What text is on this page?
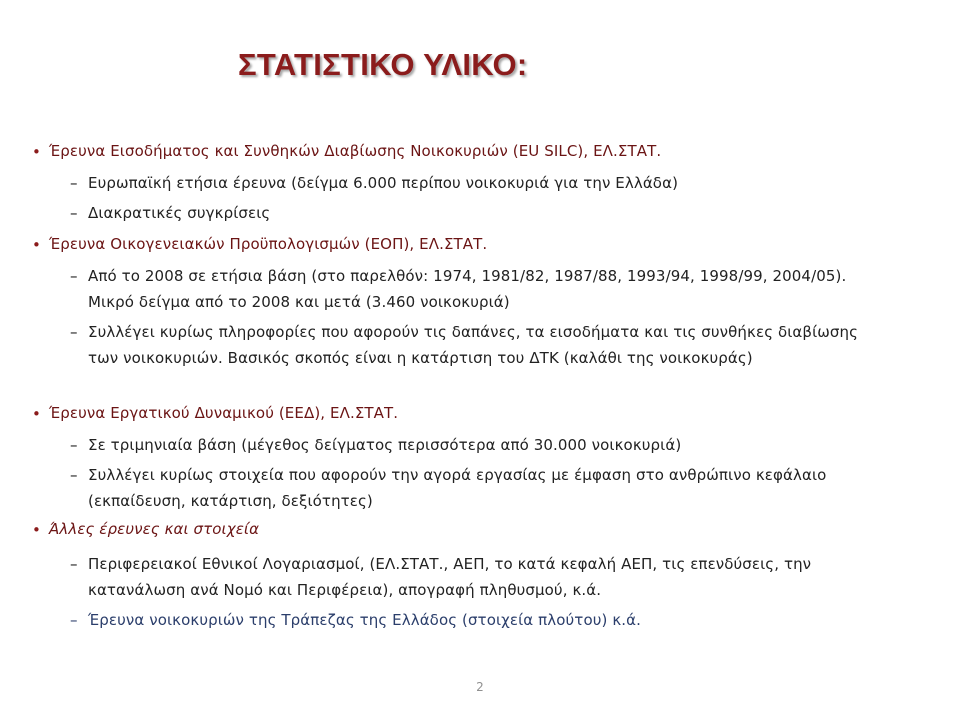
ΣΤΑΤΙΣΤΙΚΟ ΥΛΙΚΟ:
• Έρευνα Εισοδήματος και Συνθηκών Διαβίωσης Νοικοκυριών (EU SILC), ΕΛ.ΣΤΑΤ.
– Ευρωπαϊκή ετήσια έρευνα (δείγμα 6.000 περίπου νοικοκυριά για την Ελλάδα)
– Διακρατικές συγκρίσεις
• Έρευνα Οικογενειακών Προϋπολογισμών (ΕΟΠ), ΕΛ.ΣΤΑΤ.
– Από το 2008 σε ετήσια βάση (στο παρελθόν: 1974, 1981/82, 1987/88, 1993/94, 1998/99, 2004/05). Μικρό δείγμα από το 2008 και μετά (3.460 νοικοκυριά)
– Συλλέγει κυρίως πληροφορίες που αφορούν τις δαπάνες, τα εισοδήματα και τις συνθήκες διαβίωσης των νοικοκυριών. Βασικός σκοπός είναι η κατάρτιση του ΔΤΚ (καλάθι της νοικοκυράς)
• Έρευνα Εργατικού Δυναμικού (ΕΕΔ), ΕΛ.ΣΤΑΤ.
– Σε τριμηνιαία βάση (μέγεθος δείγματος περισσότερα από 30.000 νοικοκυριά)
– Συλλέγει κυρίως στοιχεία που αφορούν την αγορά εργασίας με έμφαση στο ανθρώπινο κεφάλαιο (εκπαίδευση, κατάρτιση, δεξιότητες)
• Άλλες έρευνες και στοιχεία
– Περιφερειακοί Εθνικοί Λογαριασμοί, (ΕΛ.ΣΤΑΤ., ΑΕΠ, το κατά κεφαλή ΑΕΠ, τις επενδύσεις, την κατανάλωση ανά Νομό και Περιφέρεια), απογραφή πληθυσμού, κ.ά.
– Έρευνα νοικοκυριών της Τράπεζας της Ελλάδος (στοιχεία πλούτου) κ.ά.
2
